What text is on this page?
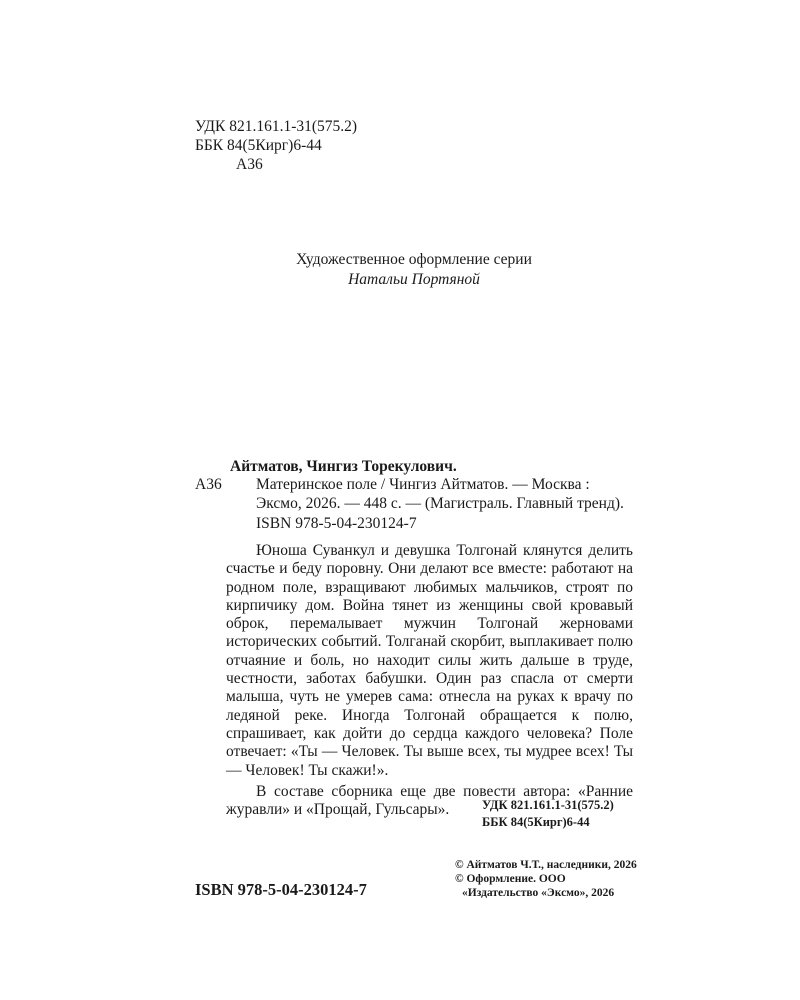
УДК 821.161.1-31(575.2)
ББК 84(5Кирг)6-44
А36
Художественное оформление серии
Натальи Портяной
Айтматов, Чингиз Торекулович.
А36 Материнское поле / Чингиз Айтматов. — Москва :
Эксмо, 2026. — 448 с. — (Магистраль. Главный тренд).
ISBN 978-5-04-230124-7

Юноша Суванкул и девушка Толгонай клянутся делить счастье и беду поровну. Они делают все вместе: работают на родном поле, взращивают любимых мальчиков, строят по кирпичику дом. Война тянет из женщины свой кровавый оброк, перемалывает мужчин Толгонай жерновами исторических событий. Толганай скорбит, выплакивает полю отчаяние и боль, но находит силы жить дальше в труде, честности, заботах бабушки. Один раз спасла от смерти малыша, чуть не умерев сама: отнесла на руках к врачу по ледяной реке. Иногда Толгонай обращается к полю, спрашивает, как дойти до сердца каждого человека? Поле отвечает: «Ты — Человек. Ты выше всех, ты мудрее всех! Ты — Человек! Ты скажи!».

В составе сборника еще две повести автора: «Ранние журавли» и «Прощай, Гульсары».	УДК 821.161.1-31(575.2)
ББК 84(5Кирг)6-44
ISBN 978-5-04-230124-7
© Айтматов Ч.Т., наследники, 2026
© Оформление. ООО
«Издательство «Эксмо», 2026
